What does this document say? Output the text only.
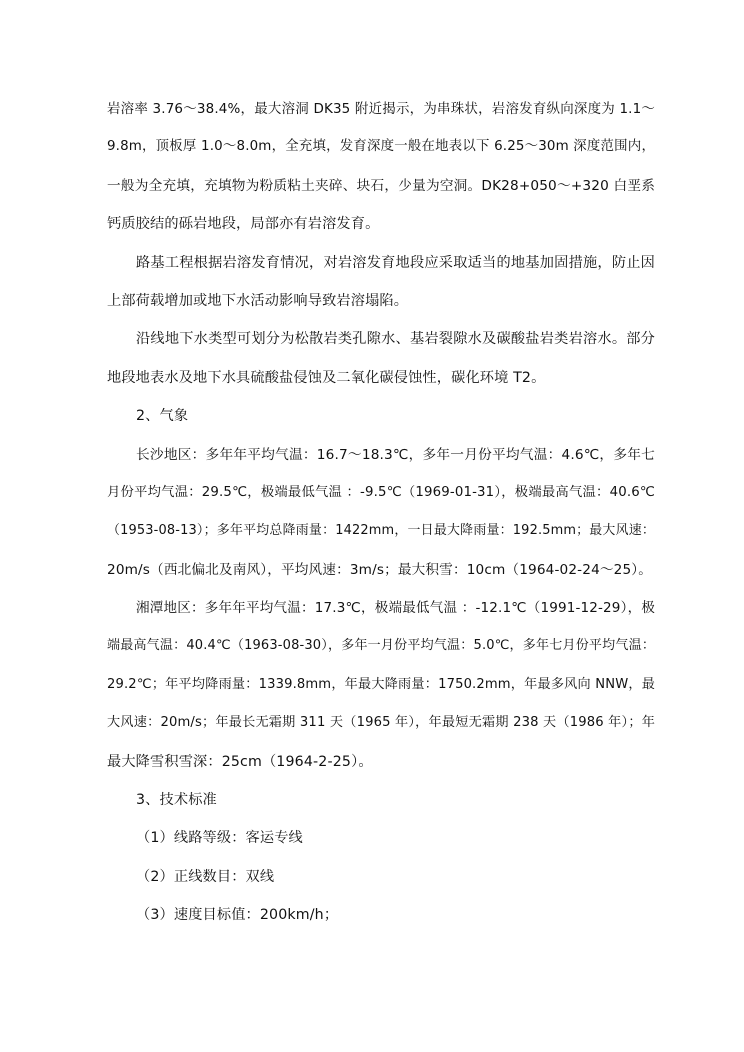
岩溶率 3.76～38.4%，最大溶洞 DK35 附近揭示，为串珠状，岩溶发育纵向深度为 1.1～
9.8m，顶板厚 1.0～8.0m，全充填，发育深度一般在地表以下 6.25～30m 深度范围内，
一般为全充填，充填物为粉质粘土夹碎、块石，少量为空洞。DK28+050～+320 白垩系
钙质胶结的砾岩地段，局部亦有岩溶发育。
路基工程根据岩溶发育情况，对岩溶发育地段应采取适当的地基加固措施，防止因
上部荷载增加或地下水活动影响导致岩溶塌陷。
沿线地下水类型可划分为松散岩类孔隙水、基岩裂隙水及碳酸盐岩类岩溶水。部分
地段地表水及地下水具硫酸盐侵蚀及二氧化碳侵蚀性，碳化环境 T2。
2、气象
长沙地区：多年年平均气温：16.7～18.3℃，多年一月份平均气温：4.6℃，多年七
月份平均气温：29.5℃，极端最低气温 ：-9.5℃（1969-01-31），极端最高气温：40.6℃
（1953-08-13）；多年平均总降雨量：1422mm，一日最大降雨量：192.5mm；最大风速：
20m/s（西北偏北及南风），平均风速：3m/s；最大积雪：10cm（1964-02-24～25）。
湘潭地区：多年年平均气温：17.3℃，极端最低气温 ：-12.1℃（1991-12-29），极
端最高气温：40.4℃（1963-08-30），多年一月份平均气温：5.0℃，多年七月份平均气温：
29.2℃；年平均降雨量：1339.8mm，年最大降雨量：1750.2mm，年最多风向 NNW，最
大风速：20m/s；年最长无霜期 311 天（1965 年），年最短无霜期 238 天（1986 年）；年
最大降雪积雪深：25cm（1964-2-25）。
3、技术标准
（1）线路等级：客运专线
（2）正线数目：双线
（3）速度目标值：200km/h；
